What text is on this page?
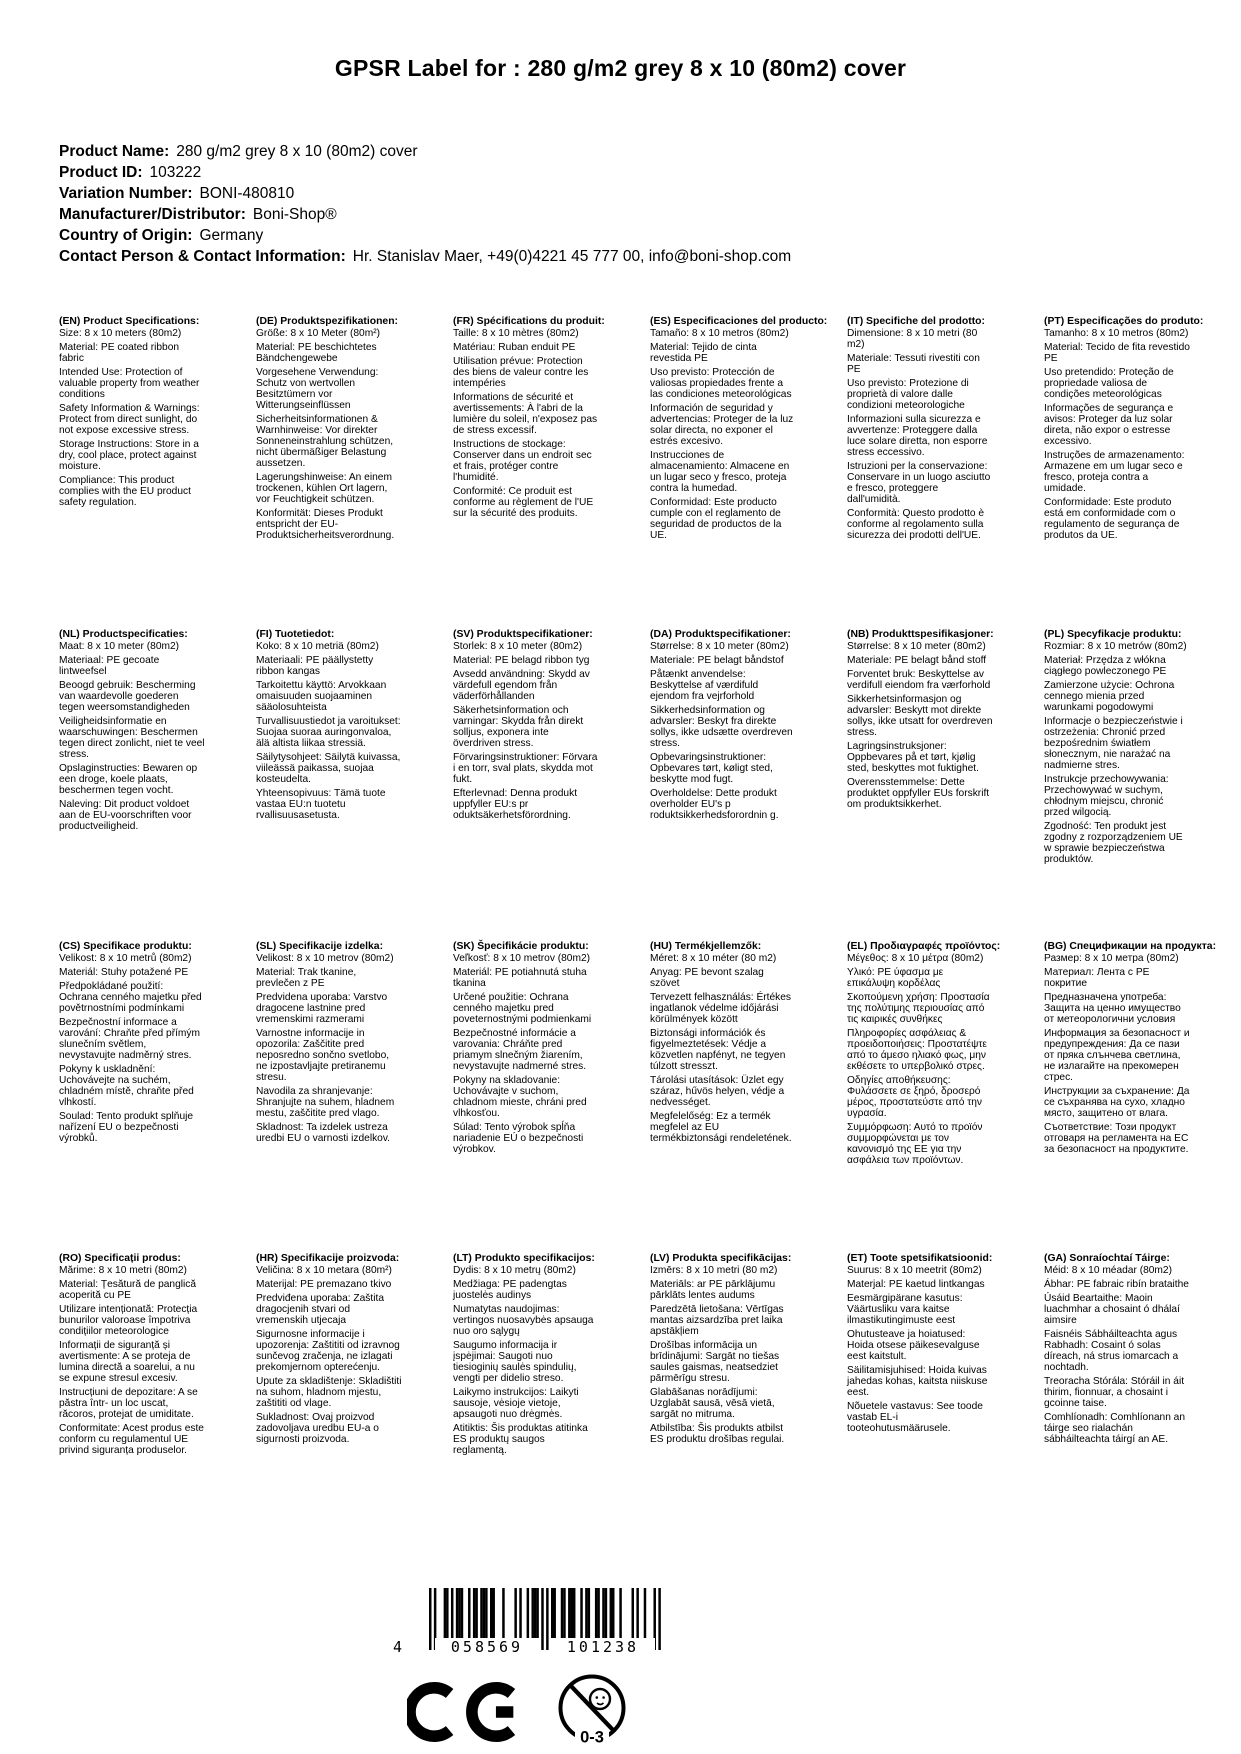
GPSR Label for : 280 g/m2 grey 8 x 10 (80m2) cover
Product Name: 280 g/m2 grey 8 x 10 (80m2) cover
Product ID: 103222
Variation Number: BONI-480810
Manufacturer/Distributor: Boni-Shop®
Country of Origin: Germany
Contact Person & Contact Information: Hr. Stanislav Maer, +49(0)4221 45 777 00, info@boni-shop.com
(EN) Product Specifications:

Size: 8 x 10 meters (80m2)

Material: PE coated ribbon fabric

Intended Use: Protection of valuable property from weather conditions

Safety Information & Warnings: Protect from direct sunlight, do not expose excessive stress.

Storage Instructions: Store in a dry, cool place, protect against moisture.

Compliance: This product complies with the EU product safety regulation.

(DE) Produktspezifikationen:

Größe: 8 x 10 Meter (80m²)

Material: PE beschichtetes Bändchengewebe

Vorgesehene Verwendung: Schutz von wertvollen Besitztümern vor Witterungseinflüssen

Sicherheitsinformationen & Warnhinweise: Vor direkter Sonneneinstrahlung schützen, nicht übermäßiger Belastung aussetzen.

Lagerungshinweise: An einem trockenen, kühlen Ort lagern, vor Feuchtigkeit schützen.

Konformität: Dieses Produkt entspricht der EU-Produktsicherheitsverordnung.

(FR) Spécifications du produit:

Taille: 8 x 10 mètres (80m2)

Matériau: Ruban enduit PE

Utilisation prévue: Protection des biens de valeur contre les intempéries

Informations de sécurité et avertissements: À l'abri de la lumière du soleil, n'exposez pas de stress excessif.

Instructions de stockage: Conserver dans un endroit sec et frais, protéger contre l'humidité.

Conformité: Ce produit est conforme au règlement de l'UE sur la sécurité des produits.

(ES) Especificaciones del producto:

Tamaño: 8 x 10 metros (80m2)

Material: Tejido de cinta revestida PE

Uso previsto: Protección de valiosas propiedades frente a las condiciones meteorológicas

Información de seguridad y advertencias: Proteger de la luz solar directa, no exponer el estrés excesivo.

Instrucciones de almacenamiento: Almacene en un lugar seco y fresco, proteja contra la humedad.

Conformidad: Este producto cumple con el reglamento de seguridad de productos de la UE.

(IT) Specifiche del prodotto:

Dimensione: 8 x 10 metri (80 m2)

Materiale: Tessuti rivestiti con PE

Uso previsto: Protezione di proprietà di valore dalle condizioni meteorologiche

Informazioni sulla sicurezza e avvertenze: Proteggere dalla luce solare diretta, non esporre stress eccessivo.

Istruzioni per la conservazione: Conservare in un luogo asciutto e fresco, proteggere dall'umidità.

Conformità: Questo prodotto è conforme al regolamento sulla sicurezza dei prodotti dell'UE.

(PT) Especificações do produto:

Tamanho: 8 x 10 metros (80m2)

Material: Tecido de fita revestido PE

Uso pretendido: Proteção de propriedade valiosa de condições meteorológicas

Informações de segurança e avisos: Proteger da luz solar direta, não expor o estresse excessivo.

Instruções de armazenamento: Armazene em um lugar seco e fresco, proteja contra a umidade.

Conformidade: Este produto está em conformidade com o regulamento de segurança de produtos da UE.

(NL) Productspecificaties:

Maat: 8 x 10 meter (80m2)

Materiaal: PE gecoate lintweefsel

Beoogd gebruik: Bescherming van waardevolle goederen tegen weersomstandigheden

Veiligheidsinformatie en waarschuwingen: Beschermen tegen direct zonlicht, niet te veel stress.

Opslaginstructies: Bewaren op een droge, koele plaats, beschermen tegen vocht.

Naleving: Dit product voldoet aan de EU-voorschriften voor productveiligheid.

(FI) Tuotetiedot:

Koko: 8 x 10 metriä (80m2)

Materiaali: PE päällystetty ribbon kangas

Tarkoitettu käyttö: Arvokkaan omaisuuden suojaaminen sääolosuhteista

Turvallisuustiedot ja varoitukset: Suojaa suoraa auringonvaloa, älä altista liikaa stressiä.

Säilytysohjeet: Säilytä kuivassa, viileässä paikassa, suojaa kosteudelta.

Yhteensopivuus: Tämä tuote vastaa EU:n tuotetu rvallisuusasetusta.

(SV) Produktspecifikationer:

Storlek: 8 x 10 meter (80m2)

Material: PE belagd ribbon tyg

Avsedd användning: Skydd av värdefull egendom från väderförhållanden

Säkerhetsinformation och varningar: Skydda från direkt solljus, exponera inte överdriven stress.

Förvaringsinstruktioner: Förvara i en torr, sval plats, skydda mot fukt.

Efterlevnad: Denna produkt uppfyller EU:s pr oduktsäkerhetsförordning.

(DA) Produktspecifikationer:

Størrelse: 8 x 10 meter (80m2)

Materiale: PE belagt båndstof

Påtænkt anvendelse: Beskyttelse af værdifuld ejendom fra vejrforhold

Sikkerhedsinformation og advarsler: Beskyt fra direkte sollys, ikke udsætte overdreven stress.

Opbevaringsinstruktioner: Opbevares tørt, køligt sted, beskytte mod fugt.

Overholdelse: Dette produkt overholder EU's p roduktsikkerhedsforordnin g.

(NB) Produkttspesifikasjoner:

Størrelse: 8 x 10 meter (80m2)

Materiale: PE belagt bånd stoff

Forventet bruk: Beskyttelse av verdifull eiendom fra værforhold

Sikkerhetsinformasjon og advarsler: Beskytt mot direkte sollys, ikke utsatt for overdreven stress.

Lagringsinstruksjoner: Oppbevares på et tørt, kjølig sted, beskyttes mot fuktighet.

Overensstemmelse: Dette produktet oppfyller EUs forskrift om produktsikkerhet.

(PL) Specyfikacje produktu:

Rozmiar: 8 x 10 metrów (80m2)

Materiał: Przędza z włókna ciągłego powleczonego PE

Zamierzone użycie: Ochrona cennego mienia przed warunkami pogodowymi

Informacje o bezpieczeństwie i ostrzeżenia: Chronić przed bezpośrednim światłem słonecznym, nie narażać na nadmierne stres.

Instrukcje przechowywania: Przechowywać w suchym, chłodnym miejscu, chronić przed wilgocią.

Zgodność: Ten produkt jest zgodny z rozporządzeniem UE w sprawie bezpieczeństwa produktów.

(CS) Specifikace produktu:

Velikost: 8 x 10 metrů (80m2)

Materiál: Stuhy potažené PE

Předpokládané použití: Ochrana cenného majetku před povětrnostními podmínkami

Bezpečnostní informace a varování: Chraňte před přímým slunečním světlem, nevystavujte nadměrný stres.

Pokyny k uskladnění: Uchovávejte na suchém, chladném místě, chraňte před vlhkostí.

Soulad: Tento produkt splňuje nařízení EU o bezpečnosti výrobků.

(SL) Specifikacije izdelka:

Velikost: 8 x 10 metrov (80m2)

Material: Trak tkanine, prevlečen z PE

Predvidena uporaba: Varstvo dragocene lastnine pred vremenskimi razmerami

Varnostne informacije in opozorila: Zaščitite pred neposredno sončno svetlobo, ne izpostavljajte pretiranemu stresu.

Navodila za shranjevanje: Shranjujte na suhem, hladnem mestu, zaščitite pred vlago.

Skladnost: Ta izdelek ustreza uredbi EU o varnosti izdelkov.

(SK) Špecifikácie produktu:

Veľkosť: 8 x 10 metrov (80m2)

Materiál: PE potiahnutá stuha tkanina

Určené použitie: Ochrana cenného majetku pred poveternostnými podmienkami

Bezpečnostné informácie a varovania: Chráňte pred priamym slnečným žiarením, nevystavujte nadmerné stres.

Pokyny na skladovanie: Uchovávajte v suchom, chladnom mieste, chráni pred vlhkosťou.

Súlad: Tento výrobok spĺňa nariadenie EÚ o bezpečnosti výrobkov.

(HU) Termékjellemzők:

Méret: 8 x 10 méter (80 m2)

Anyag: PE bevont szalag szövet

Tervezett felhasználás: Értékes ingatlanok védelme időjárási körülmények között

Biztonsági információk és figyelmeztetések: Védje a közvetlen napfényt, ne tegyen túlzott stresszt.

Tárolási utasítások: Üzlet egy száraz, hűvös helyen, védje a nedvességet.

Megfelelőség: Ez a termék megfelel az EU termékbiztonsági rendeletének.

(EL) Προδιαγραφές προϊόντος:

Μέγεθος: 8 x 10 μέτρα (80m2)

Υλικό: PE ύφασμα με επικάλυψη κορδέλας

Σκοπούμενη χρήση: Προστασία της πολύτιμης περιουσίας από τις καιρικές συνθήκες

Πληροφορίες ασφάλειας & προειδοποιήσεις: Προστατέψτε από το άμεσο ηλιακό φως, μην εκθέσετε το υπερβολικό στρες.

Οδηγίες αποθήκευσης: Φυλάσσετε σε ξηρό, δροσερό μέρος, προστατεύστε από την υγρασία.

Συμμόρφωση: Αυτό το προϊόν συμμορφώνεται με τον κανονισμό της ΕΕ για την ασφάλεια των προϊόντων.

(BG) Спецификации на продукта:

Размер: 8 x 10 метра (80m2)

Материал: Лента с PE покритие

Предназначена употреба: Защита на ценно имущество от метеорологични условия

Информация за безопасност и предупреждения: Да се пази от пряка слънчева светлина, не излагайте на прекомерен стрес.

Инструкции за съхранение: Да се съхранява на сухо, хладно място, защитено от влага.

Съответствие: Този продукт отговаря на регламента на ЕС за безопасност на продуктите.

(RO) Specificații produs:

Mărime: 8 x 10 metri (80m2)

Material: Țesătură de panglică acoperită cu PE

Utilizare intenționată: Protecția bunurilor valoroase împotriva condițiilor meteorologice

Informații de siguranță și avertismente: A se proteja de lumina directă a soarelui, a nu se expune stresul excesiv.

Instrucțiuni de depozitare: A se păstra într- un loc uscat, răcoros, protejat de umiditate.

Conformitate: Acest produs este conform cu regulamentul UE privind siguranța produselor.

(HR) Specifikacije proizvoda:

Veličina: 8 x 10 metara (80m²)

Materijal: PE premazano tkivo

Predviđena uporaba: Zaštita dragocjenih stvari od vremenskih utjecaja

Sigurnosne informacije i upozorenja: Zaštititi od izravnog sunčevog zračenja, ne izlagati prekomjernom opterećenju.

Upute za skladištenje: Skladištiti na suhom, hladnom mjestu, zaštititi od vlage.

Sukladnost: Ovaj proizvod zadovoljava uredbu EU-a o sigurnosti proizvoda.

(LT) Produkto specifikacijos:

Dydis: 8 x 10 metrų (80m2)

Medžiaga: PE padengtas juostelės audinys

Numatytas naudojimas: vertingos nuosavybės apsauga nuo oro sąlygų

Saugumo informacija ir įspėjimai: Saugoti nuo tiesioginių saulės spindulių, vengti per didelio streso.

Laikymo instrukcijos: Laikyti sausoje, vėsioje vietoje, apsaugoti nuo drėgmės.

Atitiktis: Šis produktas atitinka ES produktų saugos reglamentą.

(LV) Produkta specifikācijas:

Izmērs: 8 x 10 metri (80 m2)

Materiāls: ar PE pārklājumu pārklāts lentes audums

Paredzētā lietošana: Vērtīgas mantas aizsardzība pret laika apstākļiem

Drošības informācija un brīdinājumi: Sargāt no tiešas saules gaismas, neatsedziet pārmērīgu stresu.

Glabāšanas norādījumi: Uzglabāt sausā, vēsā vietā, sargāt no mitruma.

Atbilstība: Šis produkts atbilst ES produktu drošības regulai.

(ET) Toote spetsifikatsioonid:

Suurus: 8 x 10 meetrit (80m2)

Materjal: PE kaetud lintkangas

Eesmärgipärane kasutus: Väärtusliku vara kaitse ilmastikutingimuste eest

Ohutusteave ja hoiatused: Hoida otsese päikesevalguse eest kaitstult.

Säilitamisjuhised: Hoida kuivas jahedas kohas, kaitsta niiskuse eest.

Nõuetele vastavus: See toode vastab EL-i tooteohutusmäärusele.

(GA) Sonraíochtaí Táirge:

Méid: 8 x 10 méadar (80m2)

Ábhar: PE fabraic ribín brataithe

Úsáid Beartaithe: Maoin luachmhar a chosaint ó dhálaí aimsire

Faisnéis Sábháilteachta agus Rabhadh: Cosaint ó solas díreach, ná strus iomarcach a nochtadh.

Treoracha Stórála: Stóráil in áit thirim, fionnuar, a chosaint i gcoinne taise.

Comhlíonadh: Comhlíonann an táirge seo rialachán sábháilteachta táirgí an AE.

4	058569	101238
0-3
